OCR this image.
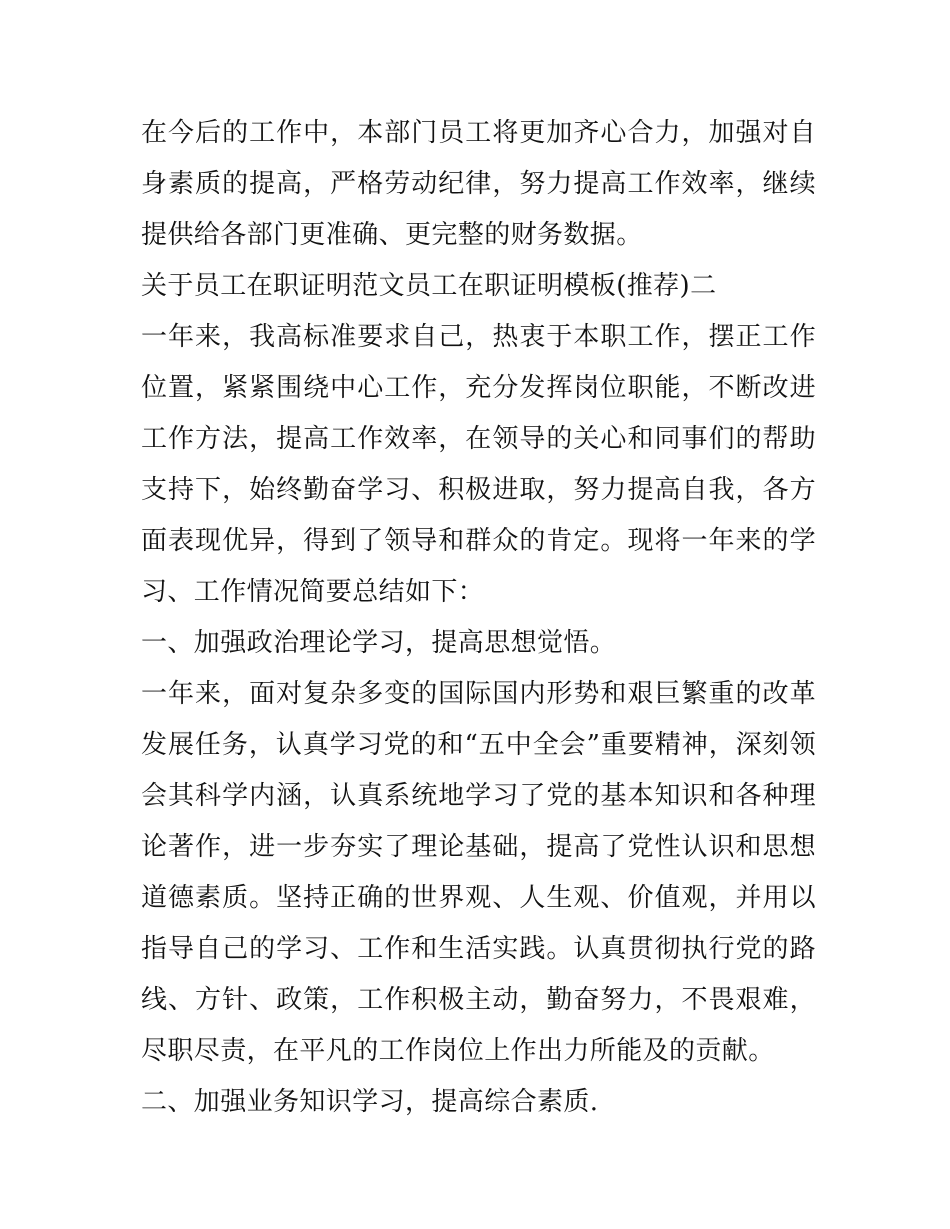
在今后的工作中，本部门员工将更加齐心合力，加强对自身素质的提高，严格劳动纪律，努力提高工作效率，继续提供给各部门更准确、更完整的财务数据。

关于员工在职证明范文员工在职证明模板(推荐)二

一年来，我高标准要求自己，热衷于本职工作，摆正工作位置，紧紧围绕中心工作，充分发挥岗位职能，不断改进工作方法，提高工作效率，在领导的关心和同事们的帮助支持下，始终勤奋学习、积极进取，努力提高自我，各方面表现优异，得到了领导和群众的肯定。现将一年来的学习、工作情况简要总结如下：

一、加强政治理论学习，提高思想觉悟。

一年来，面对复杂多变的国际国内形势和艰巨繁重的改革发展任务，认真学习党的和“五中全会”重要精神，深刻领会其科学内涵，认真系统地学习了党的基本知识和各种理论著作，进一步夯实了理论基础，提高了党性认识和思想道德素质。坚持正确的世界观、人生观、价值观，并用以指导自己的学习、工作和生活实践。认真贯彻执行党的路线、方针、政策，工作积极主动，勤奋努力，不畏艰难，尽职尽责，在平凡的工作岗位上作出力所能及的贡献。

二、加强业务知识学习，提高综合素质.
